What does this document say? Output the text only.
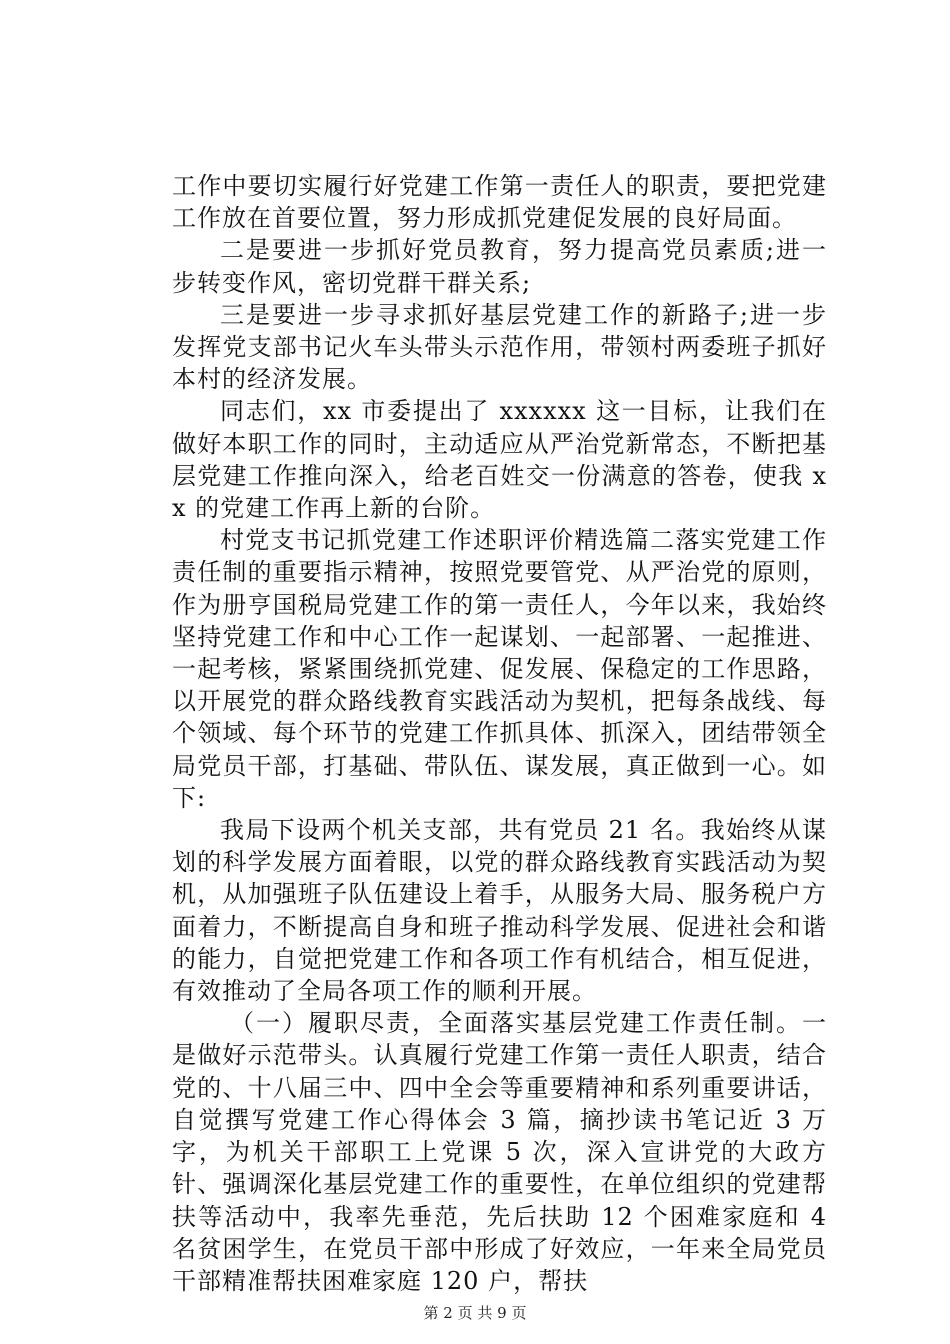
工作中要切实履行好党建工作第一责任人的职责，要把党建工作放在首要位置，努力形成抓党建促发展的良好局面。

二是要进一步抓好党员教育，努力提高党员素质;进一步转变作风，密切党群干群关系;

三是要进一步寻求抓好基层党建工作的新路子;进一步发挥党支部书记火车头带头示范作用，带领村两委班子抓好本村的经济发展。

同志们，xx 市委提出了 xxxxxx 这一目标，让我们在做好本职工作的同时，主动适应从严治党新常态，不断把基层党建工作推向深入，给老百姓交一份满意的答卷，使我 xx 的党建工作再上新的台阶。

村党支书记抓党建工作述职评价精选篇二落实党建工作责任制的重要指示精神，按照党要管党、从严治党的原则，作为册亨国税局党建工作的第一责任人，今年以来，我始终坚持党建工作和中心工作一起谋划、一起部署、一起推进、一起考核，紧紧围绕抓党建、促发展、保稳定的工作思路，以开展党的群众路线教育实践活动为契机，把每条战线、每个领域、每个环节的党建工作抓具体、抓深入，团结带领全局党员干部，打基础、带队伍、谋发展，真正做到一心。如下:

我局下设两个机关支部，共有党员 21 名。我始终从谋划的科学发展方面着眼，以党的群众路线教育实践活动为契机，从加强班子队伍建设上着手，从服务大局、服务税户方面着力，不断提高自身和班子推动科学发展、促进社会和谐的能力，自觉把党建工作和各项工作有机结合，相互促进，有效推动了全局各项工作的顺利开展。

（一）履职尽责，全面落实基层党建工作责任制。一是做好示范带头。认真履行党建工作第一责任人职责，结合党的、十八届三中、四中全会等重要精神和系列重要讲话，自觉撰写党建工作心得体会 3 篇，摘抄读书笔记近 3 万字，为机关干部职工上党课 5 次，深入宣讲党的大政方针、强调深化基层党建工作的重要性，在单位组织的党建帮扶等活动中，我率先垂范，先后扶助 12 个困难家庭和 4 名贫困学生，在党员干部中形成了好效应，一年来全局党员干部精准帮扶困难家庭 120 户，帮扶

第 2 页 共 9 页
